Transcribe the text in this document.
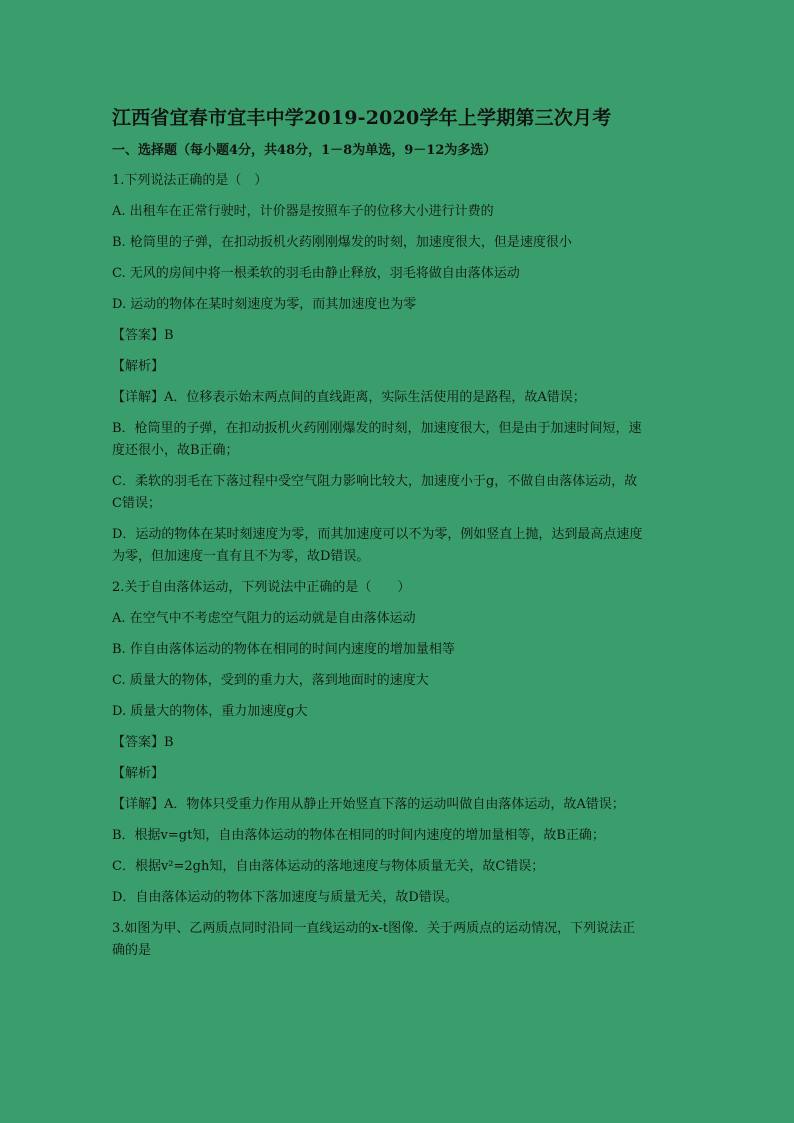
江西省宜春市宜丰中学2019-2020学年上学期第三次月考
一、选择题（每小题4分，共48分，1－8为单选，9－12为多选）
1.下列说法正确的是（　）
A. 出租车在正常行驶时，计价器是按照车子的位移大小进行计费的
B. 枪筒里的子弹，在扣动扳机火药刚刚爆发的时刻，加速度很大，但是速度很小
C. 无风的房间中将一根柔软的羽毛由静止释放，羽毛将做自由落体运动
D. 运动的物体在某时刻速度为零，而其加速度也为零
【答案】B
【解析】
【详解】A．位移表示始末两点间的直线距离，实际生活使用的是路程，故A错误；
B．枪筒里的子弹，在扣动扳机火药刚刚爆发的时刻，加速度很大，但是由于加速时间短，速
度还很小，故B正确；
C．柔软的羽毛在下落过程中受空气阻力影响比较大，加速度小于g，不做自由落体运动，故
C错误；
D．运动的物体在某时刻速度为零，而其加速度可以不为零，例如竖直上抛，达到最高点速度
为零，但加速度一直有且不为零，故D错误。
2.关于自由落体运动，下列说法中正确的是（　　）
A. 在空气中不考虑空气阻力的运动就是自由落体运动
B. 作自由落体运动的物体在相同的时间内速度的增加量相等
C. 质量大的物体，受到的重力大，落到地面时的速度大
D. 质量大的物体，重力加速度g大
【答案】B
【解析】
【详解】A．物体只受重力作用从静止开始竖直下落的运动叫做自由落体运动，故A错误；
B．根据v=gt知，自由落体运动的物体在相同的时间内速度的增加量相等，故B正确；
C．根据v²=2gh知，自由落体运动的落地速度与物体质量无关，故C错误；
D．自由落体运动的物体下落加速度与质量无关，故D错误。
3.如图为甲、乙两质点同时沿同一直线运动的x-t图像．关于两质点的运动情况，下列说法正
确的是
